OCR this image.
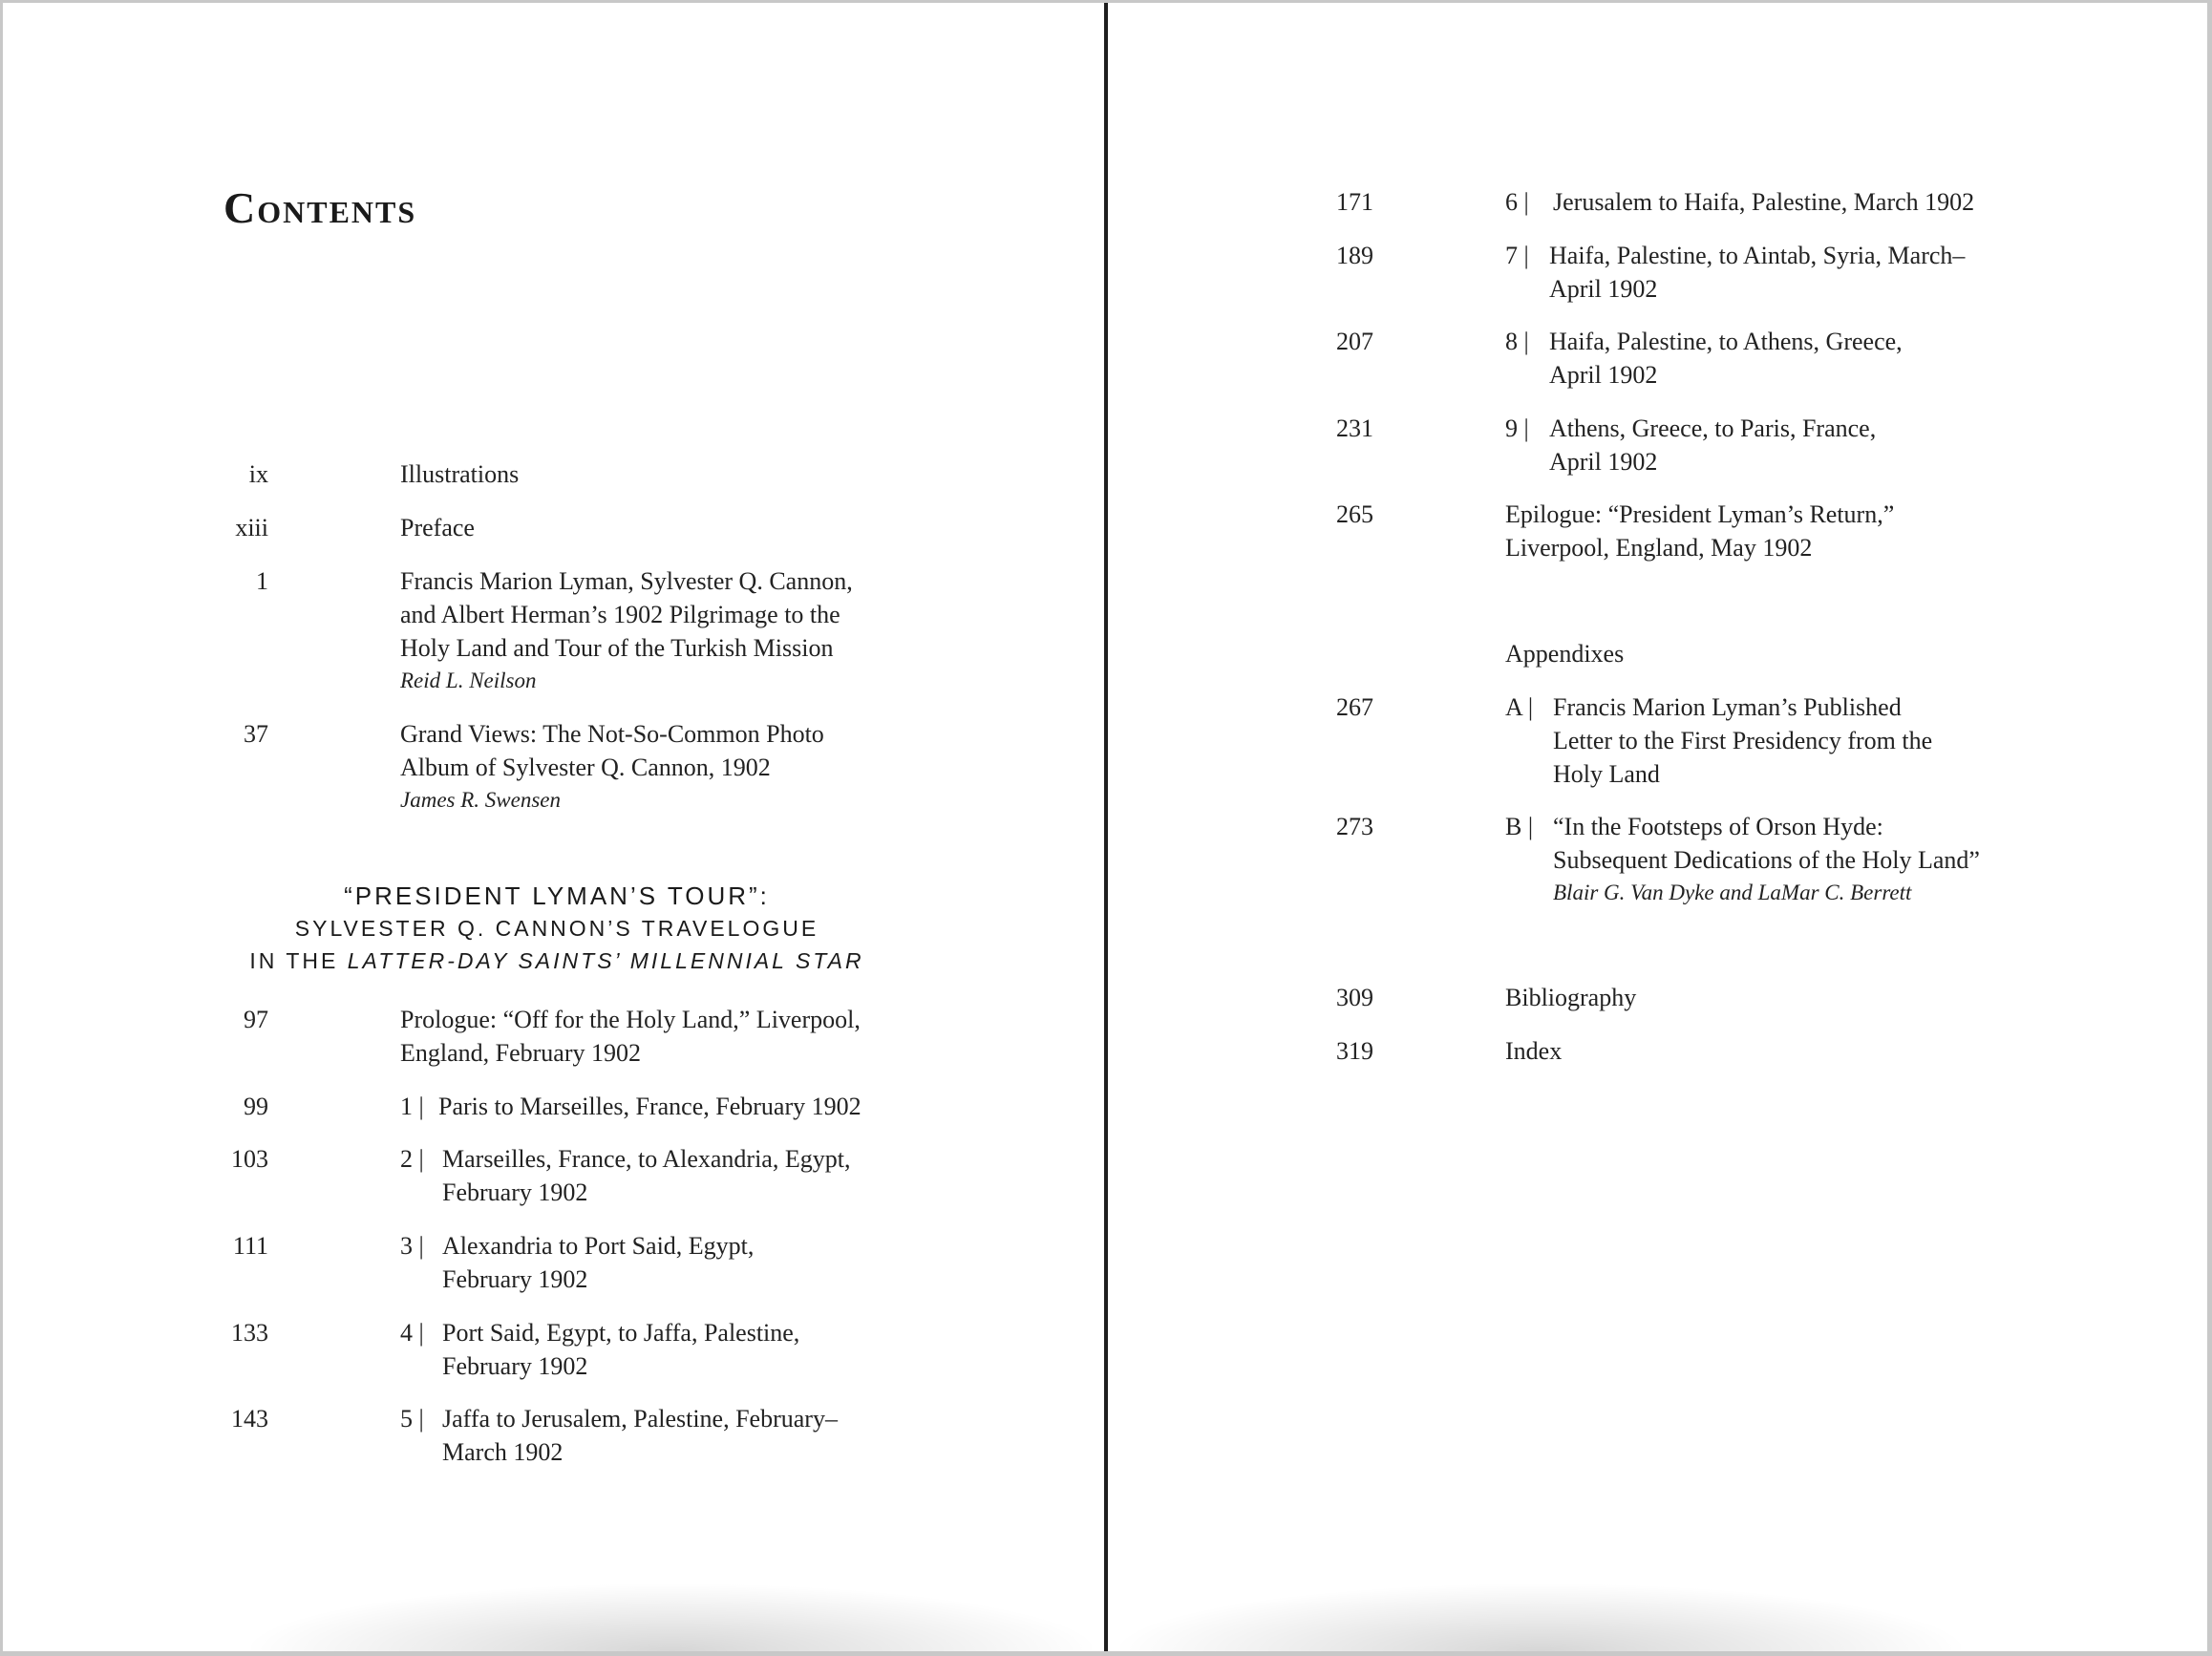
Contents
ix	Illustrations
xiii	Preface
1	Francis Marion Lyman, Sylvester Q. Cannon,
and Albert Herman’s 1902 Pilgrimage to the
Holy Land and Tour of the Turkish Mission
Reid L. Neilson
37	Grand Views: The Not-So-Common Photo
Album of Sylvester Q. Cannon, 1902
James R. Swensen
“PRESIDENT LYMAN’S TOUR”:
SYLVESTER Q. CANNON’S TRAVELOGUE
IN THE LATTER-DAY SAINTS’ MILLENNIAL STAR
97	Prologue: “Off for the Holy Land,” Liverpool,
England, February 1902
99	1 | Paris to Marseilles, France, February 1902
103	2 | Marseilles, France, to Alexandria, Egypt,
February 1902
111	3 | Alexandria to Port Said, Egypt,
February 1902
133	4 | Port Said, Egypt, to Jaffa, Palestine,
February 1902
143	5 | Jaffa to Jerusalem, Palestine, February–
March 1902
171	6 | Jerusalem to Haifa, Palestine, March 1902
189	7 | Haifa, Palestine, to Aintab, Syria, March–
April 1902
207	8 | Haifa, Palestine, to Athens, Greece,
April 1902
231	9 | Athens, Greece, to Paris, France,
April 1902
265	Epilogue: “President Lyman’s Return,”
Liverpool, England, May 1902
Appendixes
267	A | Francis Marion Lyman’s Published
Letter to the First Presidency from the
Holy Land
273	B | “In the Footsteps of Orson Hyde:
Subsequent Dedications of the Holy Land”
Blair G. Van Dyke and LaMar C. Berrett
309	Bibliography
319	Index
